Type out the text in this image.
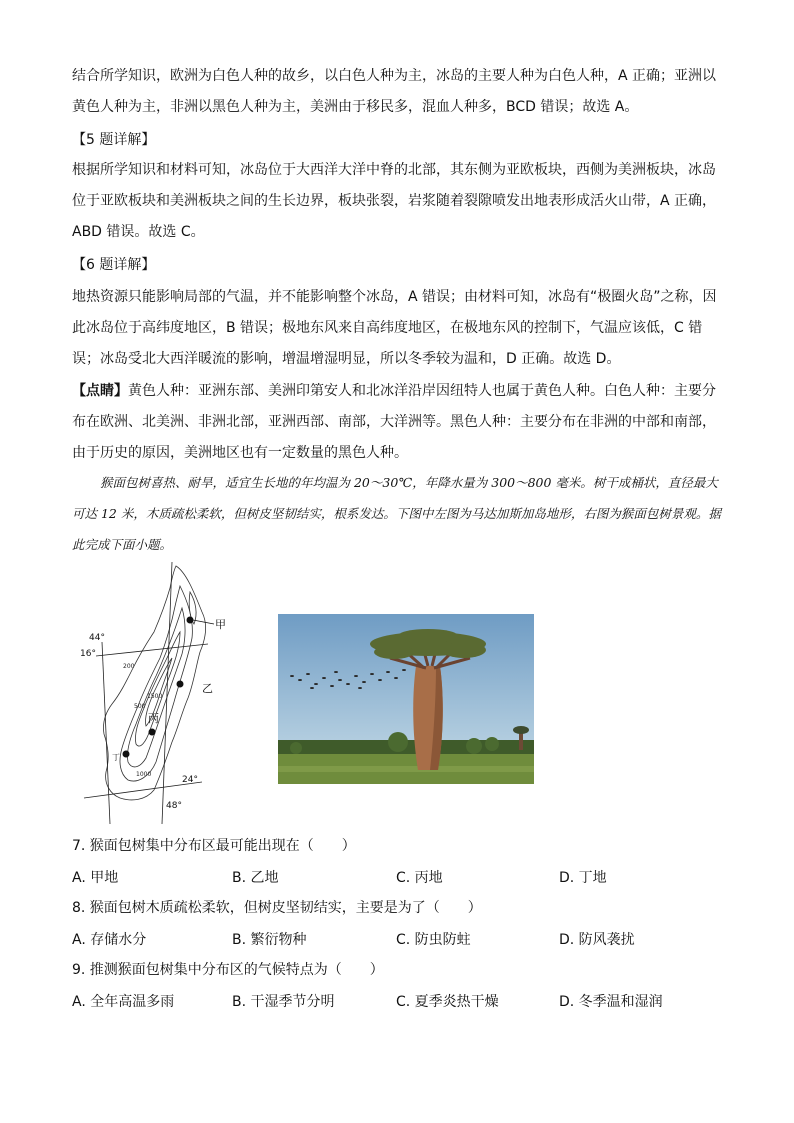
结合所学知识，欧洲为白色人种的故乡，以白色人种为主，冰岛的主要人种为白色人种，A 正确；亚洲以黄色人种为主，非洲以黑色人种为主，美洲由于移民多，混血人种多，BCD 错误；故选 A。

【5 题详解】

根据所学知识和材料可知，冰岛位于大西洋大洋中脊的北部，其东侧为亚欧板块，西侧为美洲板块，冰岛位于亚欧板块和美洲板块之间的生长边界，板块张裂，岩浆随着裂隙喷发出地表形成活火山带，A 正确，ABD 错误。故选 C。

【6 题详解】

地热资源只能影响局部的气温，并不能影响整个冰岛，A 错误；由材料可知，冰岛有“极圈火岛”之称，因此冰岛位于高纬度地区，B 错误；极地东风来自高纬度地区，在极地东风的控制下，气温应该低，C 错误；冰岛受北大西洋暖流的影响，增温增湿明显，所以冬季较为温和，D 正确。故选 D。

【点睛】黄色人种：亚洲东部、美洲印第安人和北冰洋沿岸因纽特人也属于黄色人种。白色人种：主要分布在欧洲、北美洲、非洲北部，亚洲西部、南部，大洋洲等。黑色人种：主要分布在非洲的中部和南部，由于历史的原因，美洲地区也有一定数量的黑色人种。

猴面包树喜热、耐旱，适宜生长地的年均温为 20～30℃，年降水量为 300～800 毫米。树干成桶状，直径最大可达 12 米，木质疏松柔软，但树皮坚韧结实，根系发达。下图中左图为马达加斯加岛地形，右图为猴面包树景观。据此完成下面小题。

44°
16°
24°
48°
200
1500
500
1000
甲
乙
丙
丁

7. 猴面包树集中分布区最可能出现在（　　）

A. 甲地	B. 乙地	C. 丙地	D. 丁地

8. 猴面包树木质疏松柔软，但树皮坚韧结实，主要是为了（　　）

A. 存储水分	B. 繁衍物种	C. 防虫防蛀	D. 防风袭扰

9. 推测猴面包树集中分布区的气候特点为（　　）

A. 全年高温多雨	B. 干湿季节分明	C. 夏季炎热干燥	D. 冬季温和湿润
